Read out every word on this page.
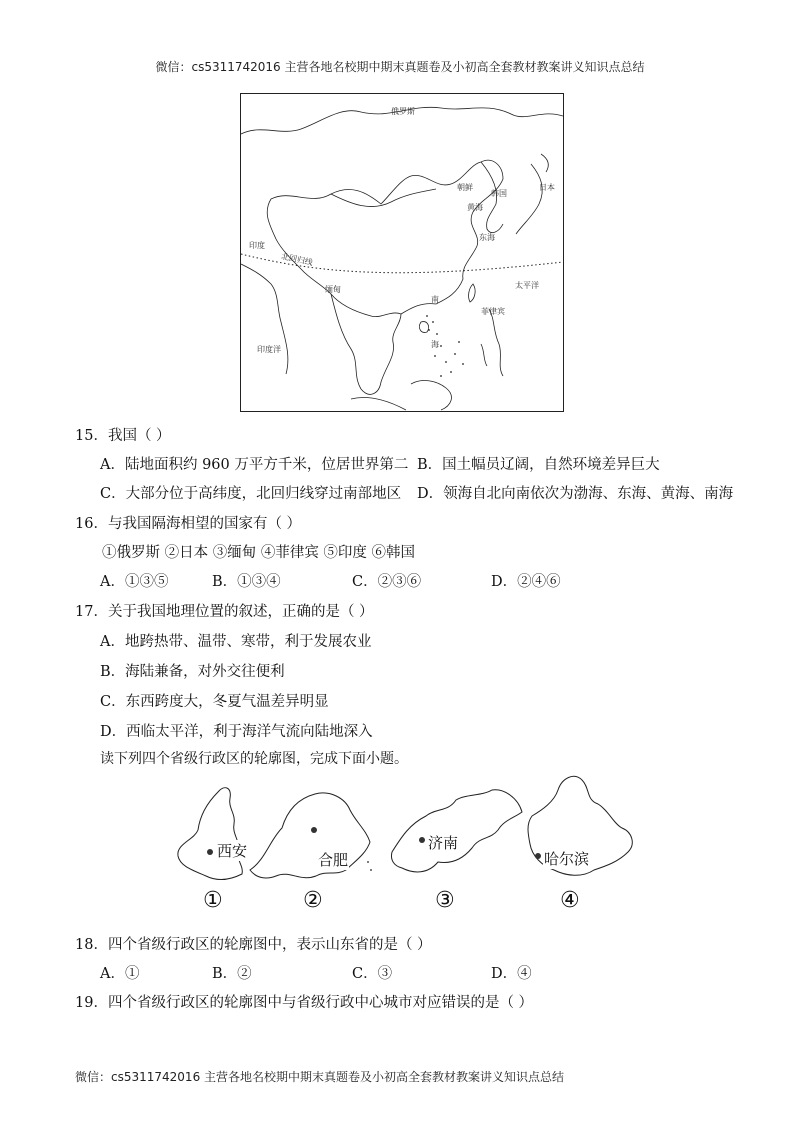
微信：cs5311742016 主营各地名校期中期末真题卷及小初高全套教材教案讲义知识点总结
俄罗斯
印度
北回归线
缅甸
印度洋
朝鲜
韩国
日本
黄海
东海
太平洋
南
海
菲律宾
15．我国（ ）
A．陆地面积约 960 万平方千米，位居世界第二 B．国土幅员辽阔，自然环境差异巨大
C．大部分位于高纬度，北回归线穿过南部地区 D．领海自北向南依次为渤海、东海、黄海、南海
16．与我国隔海相望的国家有（ ）
①俄罗斯 ②日本 ③缅甸 ④菲律宾 ⑤印度 ⑥韩国
A．①③⑤	B．①③④	C．②③⑥	D．②④⑥
17．关于我国地理位置的叙述，正确的是（ ）
A．地跨热带、温带、寒带，利于发展农业
B．海陆兼备，对外交往便利
C．东西跨度大，冬夏气温差异明显
D．西临太平洋，利于海洋气流向陆地深入
读下列四个省级行政区的轮廓图，完成下面小题。
西安	合肥
济南
哈尔滨
①	②	③	④
18．四个省级行政区的轮廓图中，表示山东省的是（ ）
A．①	B．②	C．③	D．④
19．四个省级行政区的轮廓图中与省级行政中心城市对应错误的是（ ）
微信：cs5311742016 主营各地名校期中期末真题卷及小初高全套教材教案讲义知识点总结
